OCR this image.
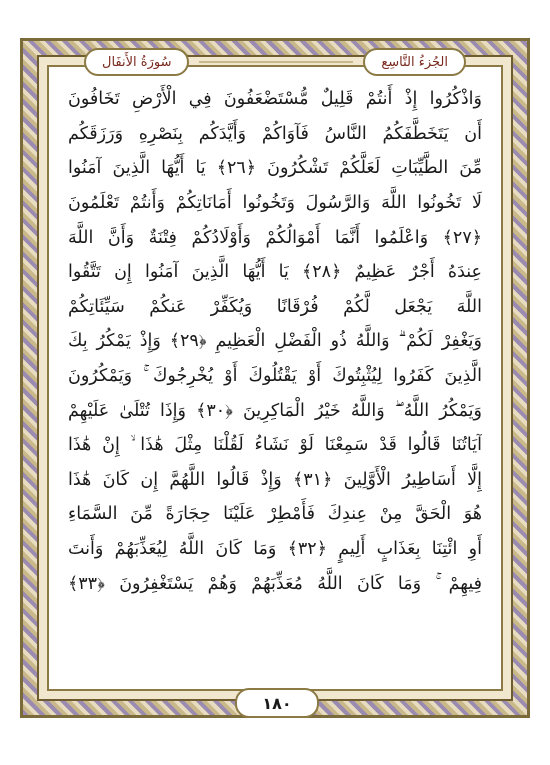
سُورَةُ الأَنفَال	الجُزءُ التَّاسِع
وَاذْكُرُوا إِذْ أَنتُمْ قَلِيلٌ مُّسْتَضْعَفُونَ فِي الْأَرْضِ تَخَافُونَ
أَن يَتَخَطَّفَكُمُ النَّاسُ فَآوَاكُمْ وَأَيَّدَكُم بِنَصْرِهِ وَرَزَقَكُم
مِّنَ الطَّيِّبَاتِ لَعَلَّكُمْ تَشْكُرُونَ ﴿٢٦﴾ يَا أَيُّهَا الَّذِينَ آمَنُوا
لَا تَخُونُوا اللَّهَ وَالرَّسُولَ وَتَخُونُوا أَمَانَاتِكُمْ وَأَنتُمْ تَعْلَمُونَ
﴿٢٧﴾ وَاعْلَمُوا أَنَّمَا أَمْوَالُكُمْ وَأَوْلَادُكُمْ فِتْنَةٌ وَأَنَّ اللَّهَ
عِندَهُ أَجْرٌ عَظِيمٌ ﴿٢٨﴾ يَا أَيُّهَا الَّذِينَ آمَنُوا إِن تَتَّقُوا
اللَّهَ يَجْعَل لَّكُمْ فُرْقَانًا وَيُكَفِّرْ عَنكُمْ سَيِّئَاتِكُمْ
وَيَغْفِرْ لَكُمْ ۗ وَاللَّهُ ذُو الْفَضْلِ الْعَظِيمِ ﴿٢٩﴾ وَإِذْ يَمْكُرُ بِكَ
الَّذِينَ كَفَرُوا لِيُثْبِتُوكَ أَوْ يَقْتُلُوكَ أَوْ يُخْرِجُوكَ ۚ وَيَمْكُرُونَ
وَيَمْكُرُ اللَّهُ ۖ وَاللَّهُ خَيْرُ الْمَاكِرِينَ ﴿٣٠﴾ وَإِذَا تُتْلَىٰ عَلَيْهِمْ
آيَاتُنَا قَالُوا قَدْ سَمِعْنَا لَوْ نَشَاءُ لَقُلْنَا مِثْلَ هَٰذَا ۙ إِنْ هَٰذَا
إِلَّا أَسَاطِيرُ الْأَوَّلِينَ ﴿٣١﴾ وَإِذْ قَالُوا اللَّهُمَّ إِن كَانَ هَٰذَا
هُوَ الْحَقَّ مِنْ عِندِكَ فَأَمْطِرْ عَلَيْنَا حِجَارَةً مِّنَ السَّمَاءِ
أَوِ ائْتِنَا بِعَذَابٍ أَلِيمٍ ﴿٣٢﴾ وَمَا كَانَ اللَّهُ لِيُعَذِّبَهُمْ وَأَنتَ
فِيهِمْ ۚ وَمَا كَانَ اللَّهُ مُعَذِّبَهُمْ وَهُمْ يَسْتَغْفِرُونَ ﴿٣٣﴾
١٨٠
